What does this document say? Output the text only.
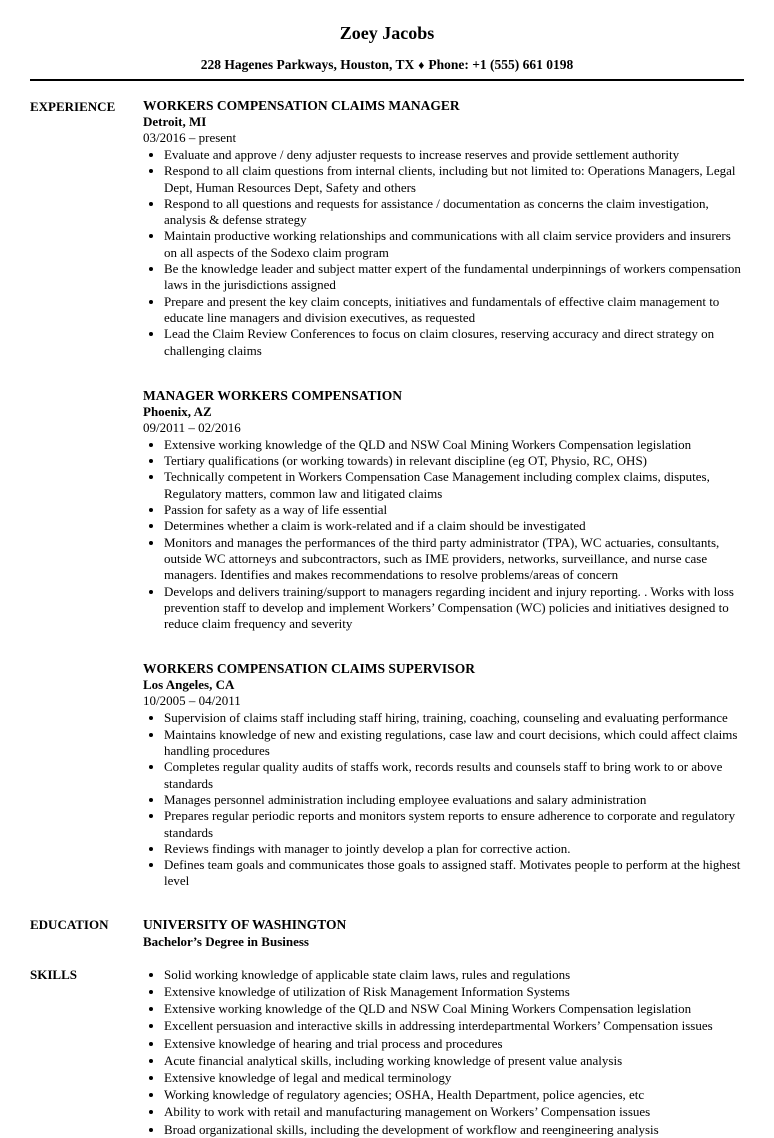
Zoey Jacobs
228 Hagenes Parkways, Houston, TX ♦ Phone: +1 (555) 661 0198
EXPERIENCE	WORKERS COMPENSATION CLAIMS MANAGER
Detroit, MI
03/2016 – present
• Evaluate and approve / deny adjuster requests to increase reserves and provide settlement authority
• Respond to all claim questions from internal clients, including but not limited to: Operations Managers, Legal Dept, Human Resources Dept, Safety and others
• Respond to all questions and requests for assistance / documentation as concerns the claim investigation, analysis & defense strategy
• Maintain productive working relationships and communications with all claim service providers and insurers on all aspects of the Sodexo claim program
• Be the knowledge leader and subject matter expert of the fundamental underpinnings of workers compensation laws in the jurisdictions assigned
• Prepare and present the key claim concepts, initiatives and fundamentals of effective claim management to educate line managers and division executives, as requested
• Lead the Claim Review Conferences to focus on claim closures, reserving accuracy and direct strategy on challenging claims
MANAGER WORKERS COMPENSATION
Phoenix, AZ
09/2011 – 02/2016
• Extensive working knowledge of the QLD and NSW Coal Mining Workers Compensation legislation
• Tertiary qualifications (or working towards) in relevant discipline (eg OT, Physio, RC, OHS)
• Technically competent in Workers Compensation Case Management including complex claims, disputes, Regulatory matters, common law and litigated claims
• Passion for safety as a way of life essential
• Determines whether a claim is work-related and if a claim should be investigated
• Monitors and manages the performances of the third party administrator (TPA), WC actuaries, consultants, outside WC attorneys and subcontractors, such as IME providers, networks, surveillance, and nurse case managers. Identifies and makes recommendations to resolve problems/areas of concern
• Develops and delivers training/support to managers regarding incident and injury reporting. . Works with loss prevention staff to develop and implement Workers’ Compensation (WC) policies and initiatives designed to reduce claim frequency and severity
WORKERS COMPENSATION CLAIMS SUPERVISOR
Los Angeles, CA
10/2005 – 04/2011
• Supervision of claims staff including staff hiring, training, coaching, counseling and evaluating performance
• Maintains knowledge of new and existing regulations, case law and court decisions, which could affect claims handling procedures
• Completes regular quality audits of staffs work, records results and counsels staff to bring work to or above standards
• Manages personnel administration including employee evaluations and salary administration
• Prepares regular periodic reports and monitors system reports to ensure adherence to corporate and regulatory standards
• Reviews findings with manager to jointly develop a plan for corrective action.
• Defines team goals and communicates those goals to assigned staff. Motivates people to perform at the highest level
EDUCATION	UNIVERSITY OF WASHINGTON
Bachelor’s Degree in Business
SKILLS	• Solid working knowledge of applicable state claim laws, rules and regulations
• Extensive knowledge of utilization of Risk Management Information Systems
• Extensive working knowledge of the QLD and NSW Coal Mining Workers Compensation legislation
• Excellent persuasion and interactive skills in addressing interdepartmental Workers’ Compensation issues
• Extensive knowledge of hearing and trial process and procedures
• Acute financial analytical skills, including working knowledge of present value analysis
• Extensive knowledge of legal and medical terminology
• Working knowledge of regulatory agencies; OSHA, Health Department, police agencies, etc
• Ability to work with retail and manufacturing management on Workers’ Compensation issues
• Broad organizational skills, including the development of workflow and reengineering analysis
